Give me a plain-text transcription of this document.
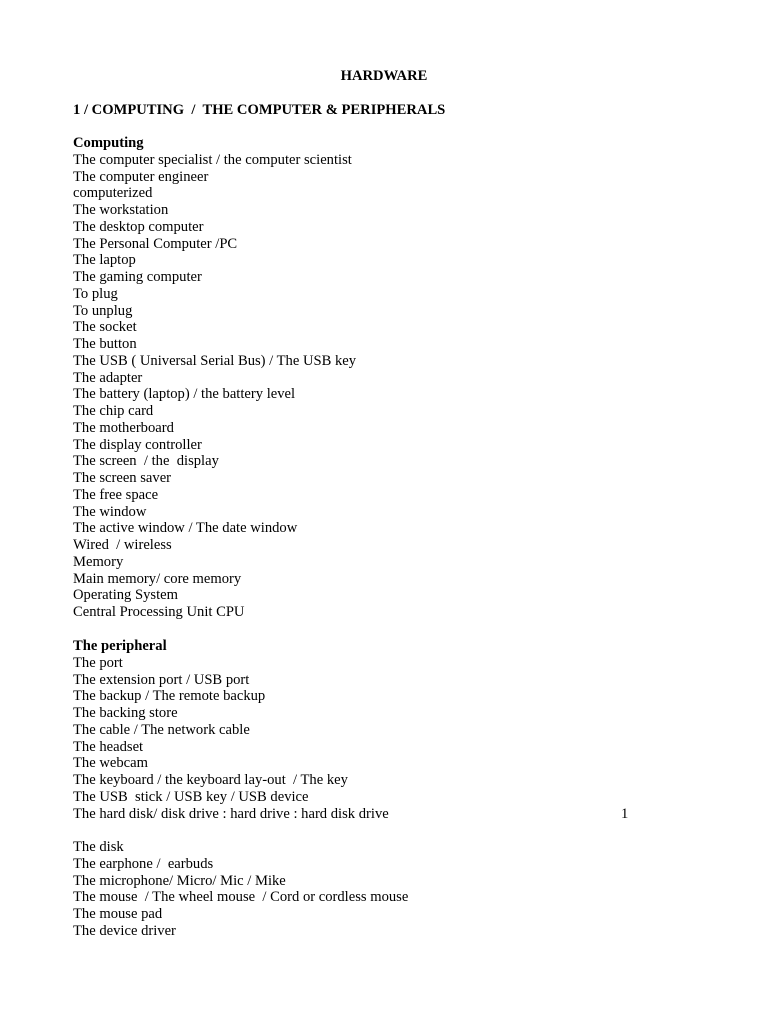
HARDWARE
1 / COMPUTING  /  THE COMPUTER & PERIPHERALS
Computing
The computer specialist / the computer scientist
The computer engineer
computerized
The workstation
The desktop computer
The Personal Computer /PC
The laptop
The gaming computer
To plug
To unplug
The socket
The button
The USB ( Universal Serial Bus) / The USB key
The adapter
The battery (laptop) / the battery level
The chip card
The motherboard
The display controller
The screen  / the  display
The screen saver
The free space
The window
The active window / The date window
Wired  / wireless
Memory
Main memory/ core memory
Operating System
Central Processing Unit CPU
The peripheral
The port
The extension port / USB port
The backup / The remote backup
The backing store
The cable / The network cable
The headset
The webcam
The keyboard / the keyboard lay-out  / The key
The USB  stick / USB key / USB device
The hard disk/ disk drive : hard drive : hard disk drive
The disk
The earphone /  earbuds
The microphone/ Micro/ Mic / Mike
The mouse  / The wheel mouse  / Cord or cordless mouse
The mouse pad
The device driver
1
